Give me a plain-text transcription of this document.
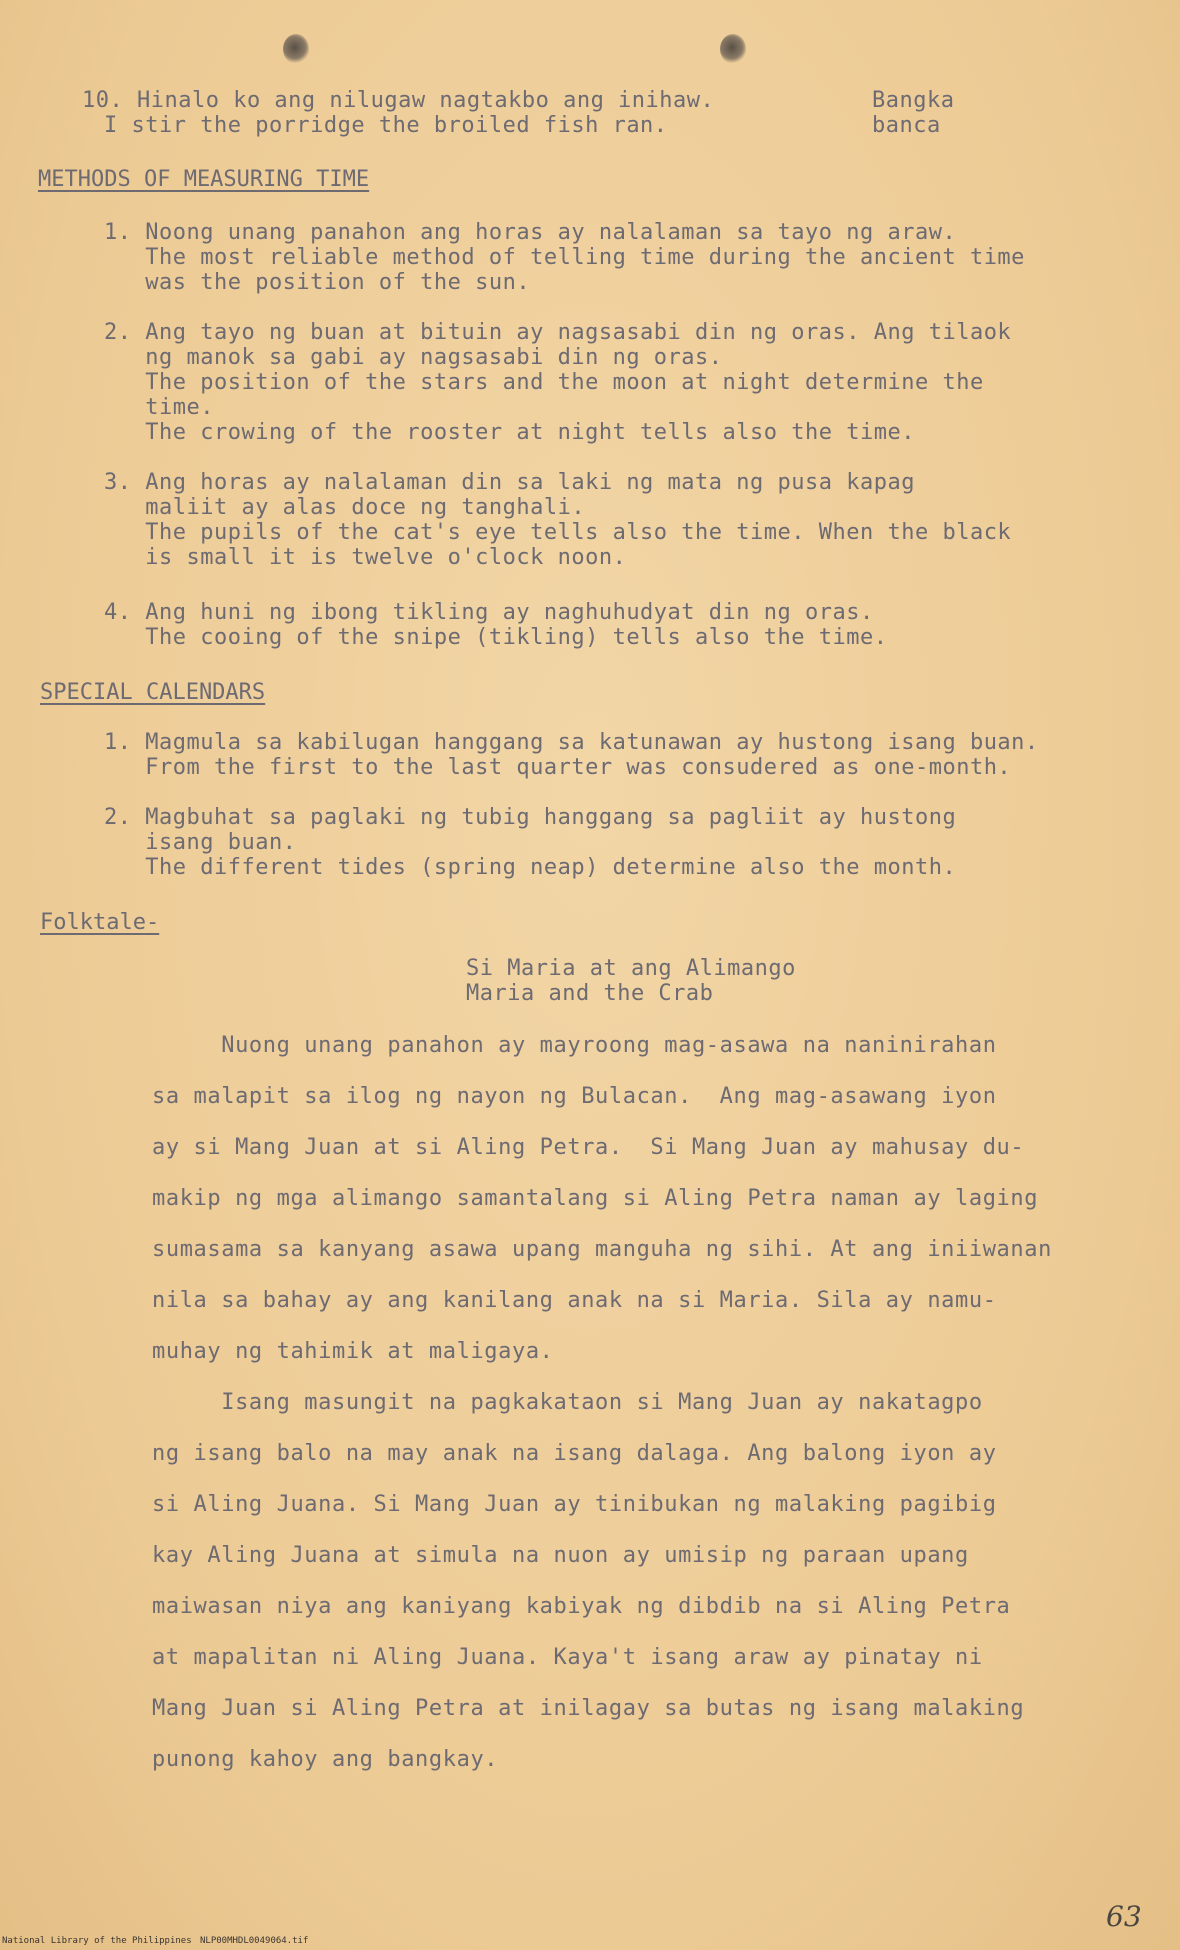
10. Hinalo ko ang nilugaw nagtakbo ang inihaw.
I stir the porridge the broiled fish ran.
Bangka
banca
METHODS OF MEASURING TIME
1. Noong unang panahon ang horas ay nalalaman sa tayo ng araw.
The most reliable method of telling time during the ancient time
was the position of the sun.
2. Ang tayo ng buan at bituin ay nagsasabi din ng oras. Ang tilaok
ng manok sa gabi ay nagsasabi din ng oras.
The position of the stars and the moon at night determine the
time.
The crowing of the rooster at night tells also the time.
3. Ang horas ay nalalaman din sa laki ng mata ng pusa kapag
maliit ay alas doce ng tanghali.
The pupils of the cat's eye tells also the time. When the black
is small it is twelve o'clock noon.
4. Ang huni ng ibong tikling ay naghuhudyat din ng oras.
The cooing of the snipe (tikling) tells also the time.
SPECIAL CALENDARS
1. Magmula sa kabilugan hanggang sa katunawan ay hustong isang buan.
From the first to the last quarter was consudered as one-month.
2. Magbuhat sa paglaki ng tubig hanggang sa pagliit ay hustong
isang buan.
The different tides (spring neap) determine also the month.
Folktale-
Si Maria at ang Alimango
Maria and the Crab
Nuong unang panahon ay mayroong mag-asawa na naninirahan
sa malapit sa ilog ng nayon ng Bulacan.  Ang mag-asawang iyon
ay si Mang Juan at si Aling Petra.  Si Mang Juan ay mahusay du-
makip ng mga alimango samantalang si Aling Petra naman ay laging
sumasama sa kanyang asawa upang manguha ng sihi. At ang iniiwanan
nila sa bahay ay ang kanilang anak na si Maria. Sila ay namu-
muhay ng tahimik at maligaya.
Isang masungit na pagkakataon si Mang Juan ay nakatagpo
ng isang balo na may anak na isang dalaga. Ang balong iyon ay
si Aling Juana. Si Mang Juan ay tinibukan ng malaking pagibig
kay Aling Juana at simula na nuon ay umisip ng paraan upang
maiwasan niya ang kaniyang kabiyak ng dibdib na si Aling Petra
at mapalitan ni Aling Juana. Kaya't isang araw ay pinatay ni
Mang Juan si Aling Petra at inilagay sa butas ng isang malaking
punong kahoy ang bangkay.
National Library of the Philippines NLP00MHDL0049064.tif
63
